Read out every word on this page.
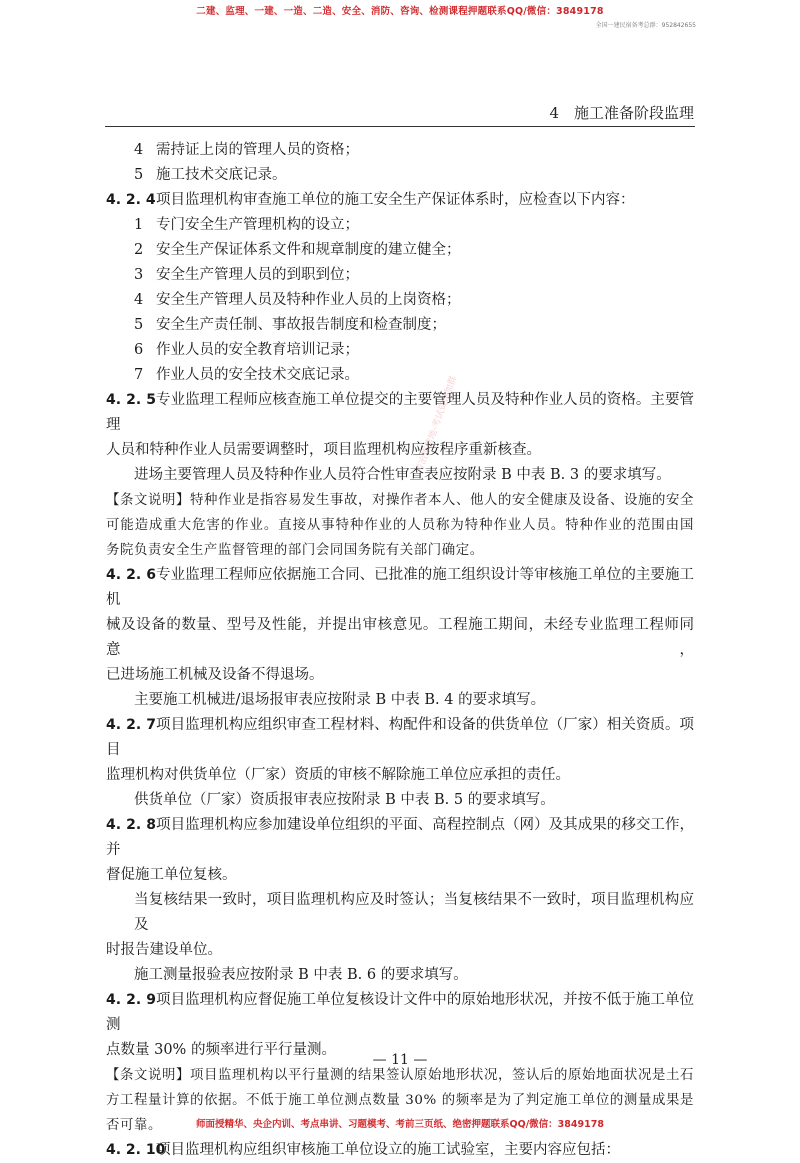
二建、监理、一建、一造、二造、安全、消防、咨询、检测课程押题联系QQ/微信：3849178
全国一建民宿备考总群：952842655
4　施工准备阶段监理
号冶炼营地-考试资讯加群
4 需持证上岗的管理人员的资格；
5 施工技术交底记录。
4. 2. 4项目监理机构审查施工单位的施工安全生产保证体系时，应检查以下内容：
1 专门安全生产管理机构的设立；
2 安全生产保证体系文件和规章制度的建立健全；
3 安全生产管理人员的到职到位；
4 安全生产管理人员及特种作业人员的上岗资格；
5 安全生产责任制、事故报告制度和检查制度；
6 作业人员的安全教育培训记录；
7 作业人员的安全技术交底记录。
4. 2. 5专业监理工程师应核查施工单位提交的主要管理人员及特种作业人员的资格。主要管理
人员和特种作业人员需要调整时，项目监理机构应按程序重新核查。
进场主要管理人员及特种作业人员符合性审查表应按附录 B 中表 B. 3 的要求填写。
【条文说明】特种作业是指容易发生事故，对操作者本人、他人的安全健康及设备、设施的安全
可能造成重大危害的作业。直接从事特种作业的人员称为特种作业人员。特种作业的范围由国
务院负责安全生产监督管理的部门会同国务院有关部门确定。
4. 2. 6专业监理工程师应依据施工合同、已批准的施工组织设计等审核施工单位的主要施工机
械及设备的数量、型号及性能，并提出审核意见。工程施工期间，未经专业监理工程师同意，
已进场施工机械及设备不得退场。
主要施工机械进/退场报审表应按附录 B 中表 B. 4 的要求填写。
4. 2. 7项目监理机构应组织审查工程材料、构配件和设备的供货单位（厂家）相关资质。项目
监理机构对供货单位（厂家）资质的审核不解除施工单位应承担的责任。
供货单位（厂家）资质报审表应按附录 B 中表 B. 5 的要求填写。
4. 2. 8项目监理机构应参加建设单位组织的平面、高程控制点（网）及其成果的移交工作，并
督促施工单位复核。
当复核结果一致时，项目监理机构应及时签认；当复核结果不一致时，项目监理机构应及
时报告建设单位。
施工测量报验表应按附录 B 中表 B. 6 的要求填写。
4. 2. 9项目监理机构应督促施工单位复核设计文件中的原始地形状况，并按不低于施工单位测
点数量 30% 的频率进行平行量测。
【条文说明】项目监理机构以平行量测的结果签认原始地形状况，签认后的原始地面状况是土石
方工程量计算的依据。不低于施工单位测点数量 30% 的频率是为了判定施工单位的测量成果是
否可靠。
4. 2. 10项目监理机构应组织审核施工单位设立的施工试验室，主要内容应包括：
— 11 —
师面授精华、央企内训、考点串讲、习题模考、考前三页纸、绝密押题联系QQ/微信：3849178
